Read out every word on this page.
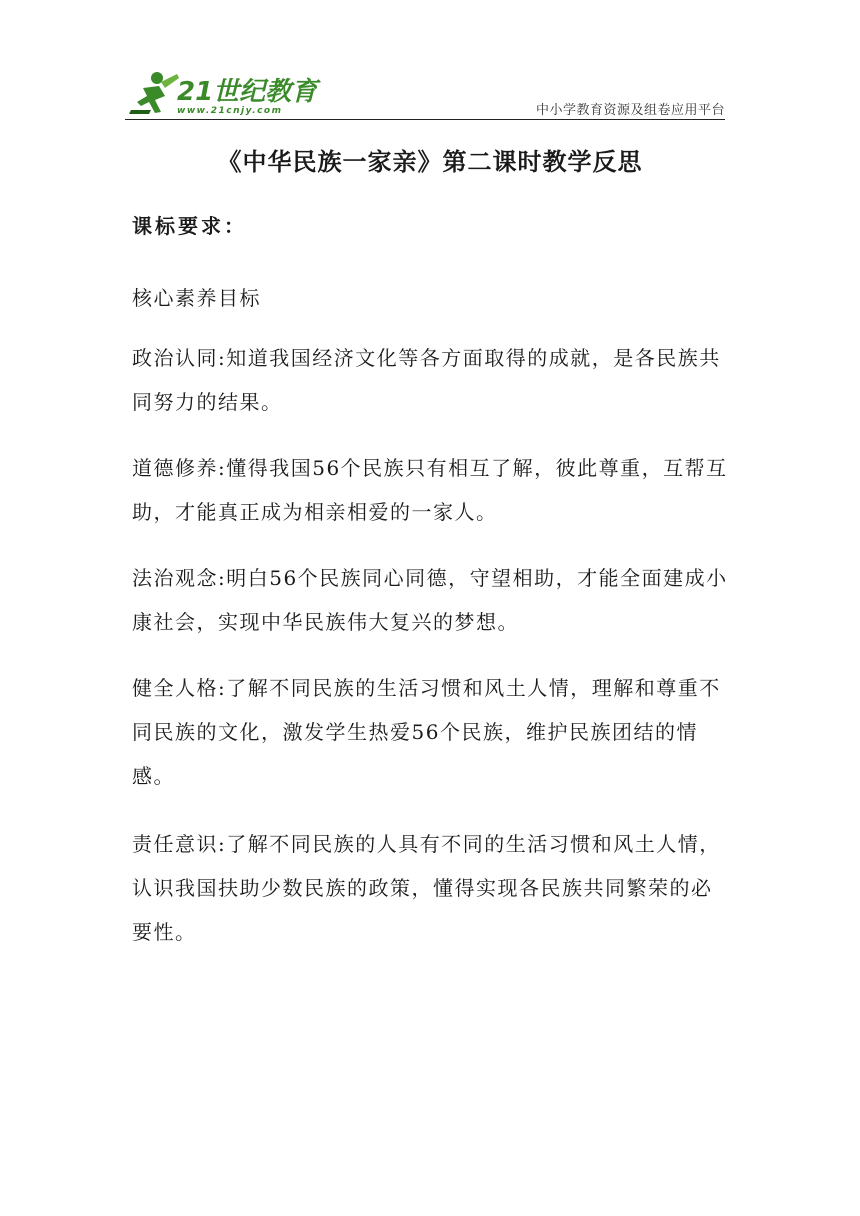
21世纪教育
www.21cnjy.com	中小学教育资源及组卷应用平台
《中华民族一家亲》第二课时教学反思
课标要求：

核心素养目标

政治认同:知道我国经济文化等各方面取得的成就，是各民族共同努力的结果。

道德修养:懂得我国56个民族只有相互了解，彼此尊重，互帮互助，才能真正成为相亲相爱的一家人。

法治观念:明白56个民族同心同德，守望相助，才能全面建成小康社会，实现中华民族伟大复兴的梦想。

健全人格:了解不同民族的生活习惯和风土人情，理解和尊重不同民族的文化，激发学生热爱56个民族，维护民族团结的情感。

责任意识:了解不同民族的人具有不同的生活习惯和风土人情，认识我国扶助少数民族的政策，懂得实现各民族共同繁荣的必要性。
